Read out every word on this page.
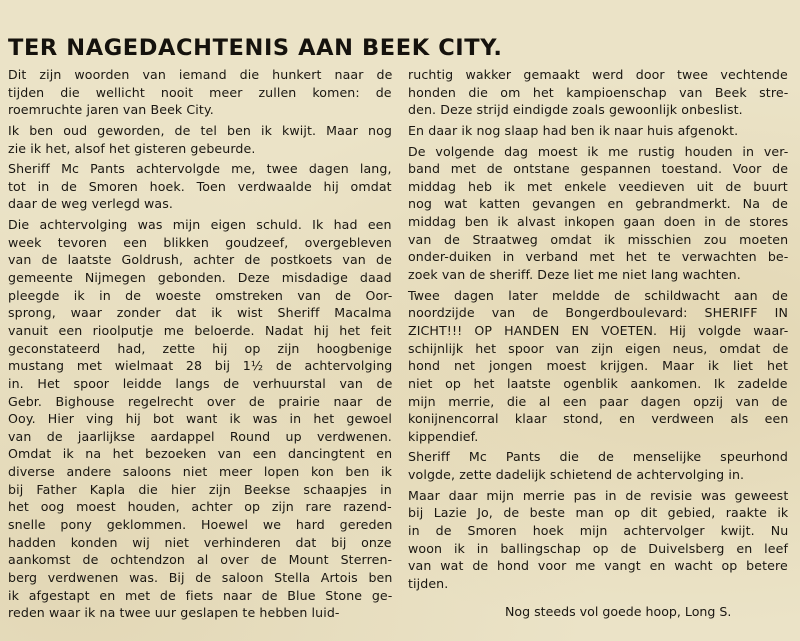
TER NAGEDACHTENIS AAN BEEK CITY.
Dit zijn woorden van iemand die hunkert naar de
tijden die wellicht nooit meer zullen komen: de
roemruchte jaren van Beek City.
Ik ben oud geworden, de tel ben ik kwijt. Maar nog
zie ik het, alsof het gisteren gebeurde.
Sheriff Mc Pants achtervolgde me, twee dagen lang,
tot in de Smoren hoek. Toen verdwaalde hij omdat
daar de weg verlegd was.
Die achtervolging was mijn eigen schuld. Ik had een
week tevoren een blikken goudzeef, overgebleven
van de laatste Goldrush, achter de postkoets van de
gemeente Nijmegen gebonden. Deze misdadige daad
pleegde ik in de woeste omstreken van de Oor-
sprong, waar zonder dat ik wist Sheriff Macalma
vanuit een rioolputje me beloerde. Nadat hij het feit
geconstateerd had, zette hij op zijn hoogbenige
mustang met wielmaat 28 bij 1½ de achtervolging
in. Het spoor leidde langs de verhuurstal van de
Gebr. Bighouse regelrecht over de prairie naar de
Ooy. Hier ving hij bot want ik was in het gewoel
van de jaarlijkse aardappel Round up verdwenen.
Omdat ik na het bezoeken van een dancingtent en
diverse andere saloons niet meer lopen kon ben ik
bij Father Kapla die hier zijn Beekse schaapjes in
het oog moest houden, achter op zijn rare razend-
snelle pony geklommen. Hoewel we hard gereden
hadden konden wij niet verhinderen dat bij onze
aankomst de ochtendzon al over de Mount Sterren-
berg verdwenen was. Bij de saloon Stella Artois ben
ik afgestapt en met de fiets naar de Blue Stone ge-
reden waar ik na twee uur geslapen te hebben luid-
ruchtig wakker gemaakt werd door twee vechtende
honden die om het kampioenschap van Beek stre-
den. Deze strijd eindigde zoals gewoonlijk onbeslist.
En daar ik nog slaap had ben ik naar huis afgenokt.
De volgende dag moest ik me rustig houden in ver-
band met de ontstane gespannen toestand. Voor de
middag heb ik met enkele veedieven uit de buurt
nog wat katten gevangen en gebrandmerkt. Na de
middag ben ik alvast inkopen gaan doen in de stores
van de Straatweg omdat ik misschien zou moeten
onder-duiken in verband met het te verwachten be-
zoek van de sheriff. Deze liet me niet lang wachten.
Twee dagen later meldde de schildwacht aan de
noordzijde van de Bongerdboulevard: SHERIFF IN
ZICHT!!! OP HANDEN EN VOETEN. Hij volgde waar-
schijnlijk het spoor van zijn eigen neus, omdat de
hond net jongen moest krijgen. Maar ik liet het
niet op het laatste ogenblik aankomen. Ik zadelde
mijn merrie, die al een paar dagen opzij van de
konijnencorral klaar stond, en verdween als een
kippendief.
Sheriff Mc Pants die de menselijke speurhond
volgde, zette dadelijk schietend de achtervolging in.
Maar daar mijn merrie pas in de revisie was geweest
bij Lazie Jo, de beste man op dit gebied, raakte ik
in de Smoren hoek mijn achtervolger kwijt. Nu
woon ik in ballingschap op de Duivelsberg en leef
van wat de hond voor me vangt en wacht op betere
tijden.
Nog steeds vol goede hoop, Long S.
